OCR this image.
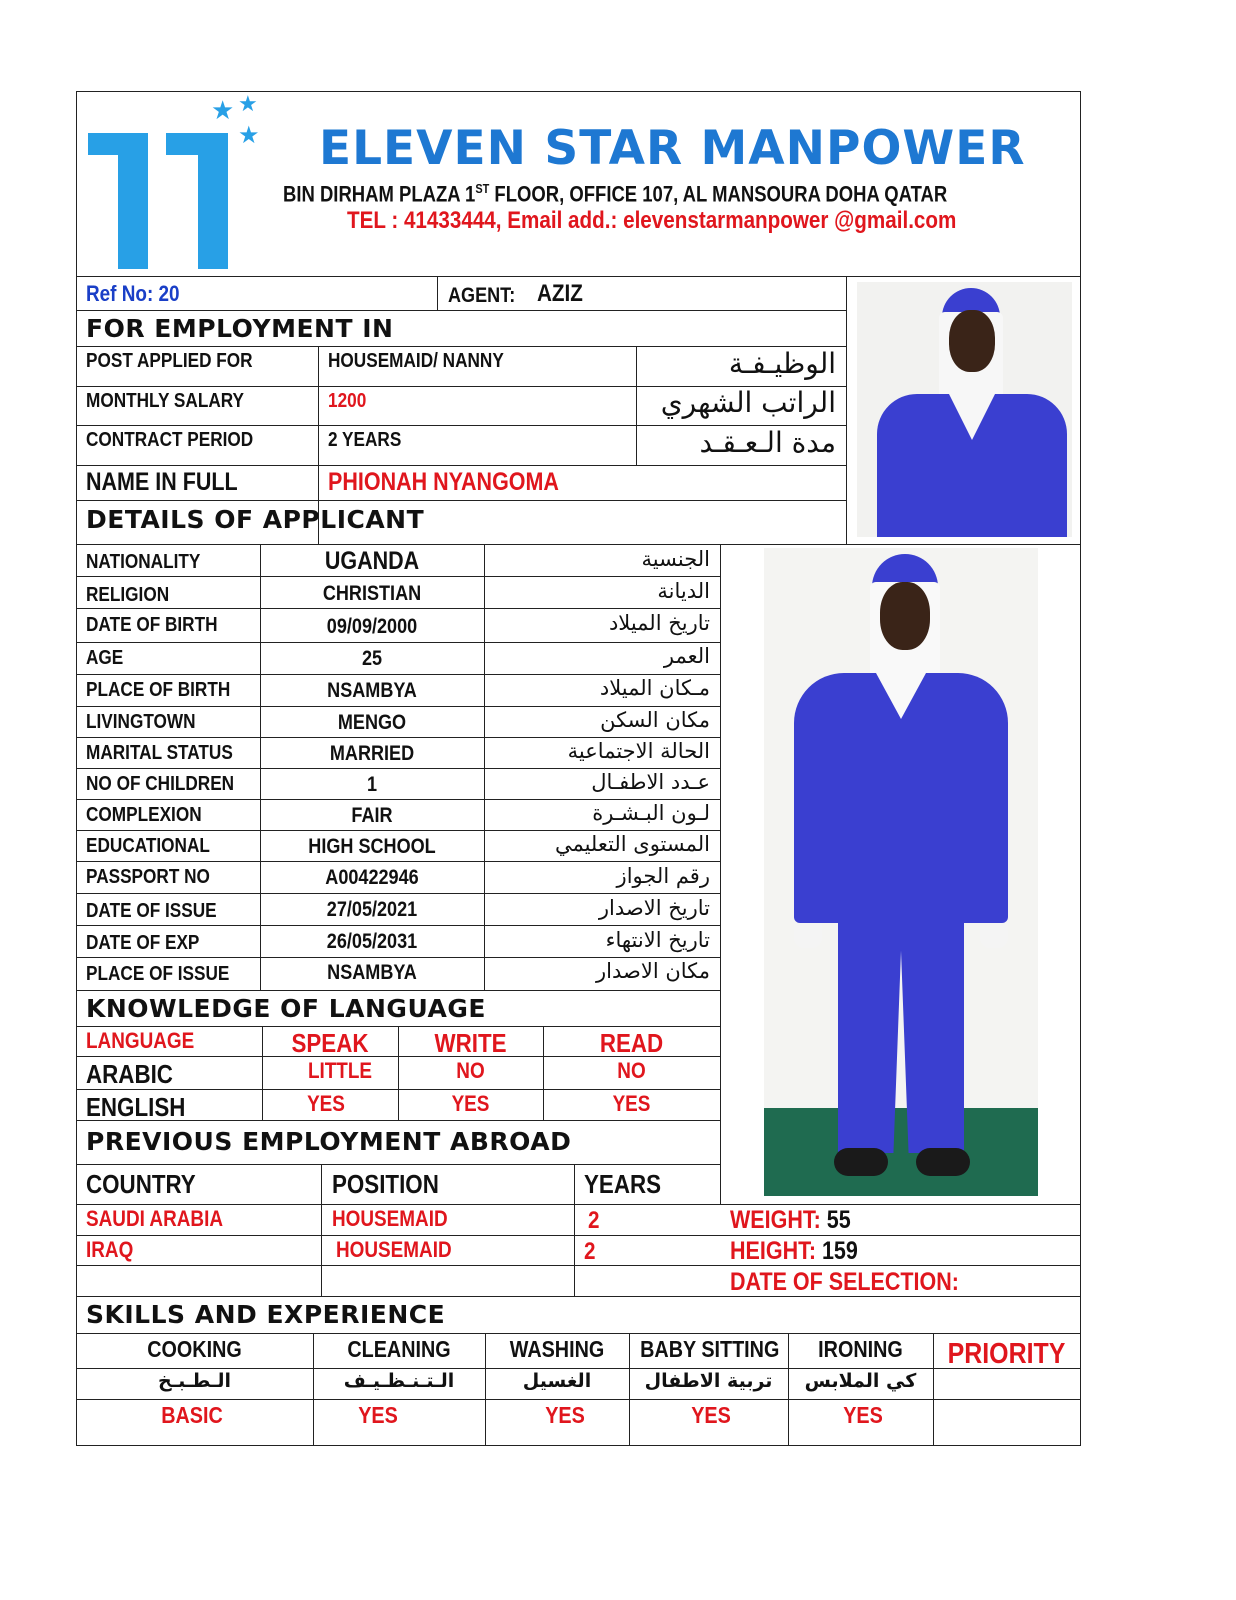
★ ★
★ ELEVEN STAR MANPOWER
BIN DIRHAM PLAZA 1ST FLOOR, OFFICE 107, AL MANSOURA DOHA QATAR
TEL : 41433444, Email add.: elevenstarmanpower @gmail.com
Ref No: 20	AGENT: AZIZ
FOR EMPLOYMENT IN
POST APPLIED FOR	HOUSEMAID/ NANNY	الوظيـفـة
MONTHLY SALARY	1200	الراتب الشهري
CONTRACT PERIOD	2 YEARS	مدة الـعـقـد
NAME IN FULL	PHIONAH NYANGOMA
DETAILS OF APPLICANT
NATIONALITY	UGANDA	الجنسية
RELIGION	CHRISTIAN	الديانة
DATE OF BIRTH	09/09/2000	تاريخ الميلاد
AGE	25	العمر
PLACE OF BIRTH	NSAMBYA	مـكان الميلاد
LIVINGTOWN	MENGO	مكان السكن
MARITAL STATUS	MARRIED	الحالة الاجتماعية
NO OF CHILDREN	1	عـدد الاطفـال
COMPLEXION	FAIR	لـون البـشـرة
EDUCATIONAL	HIGH SCHOOL	المستوى التعليمي
PASSPORT NO	A00422946	رقم الجواز
DATE OF ISSUE	27/05/2021	تاريخ الاصدار
DATE OF EXP	26/05/2031	تاريخ الانتهاء
PLACE OF ISSUE	NSAMBYA	مكان الاصدار
KNOWLEDGE OF LANGUAGE
LANGUAGE	SPEAK	WRITE	READ
ARABIC	LITTLE	NO	NO
ENGLISH	YES	YES	YES
PREVIOUS EMPLOYMENT ABROAD
COUNTRY	POSITION	YEARS
SAUDI ARABIA	HOUSEMAID	2
IRAQ	HOUSEMAID	2
WEIGHT: 55
HEIGHT: 159
DATE OF SELECTION:
SKILLS AND EXPERIENCE
COOKING	CLEANING	WASHING	BABY SITTING	IRONING	PRIORITY
الـطـبـخ	الـتـنـظـيـف	الغسيل	تربية الاطفال	كي الملابس
BASIC	YES	YES	YES	YES
